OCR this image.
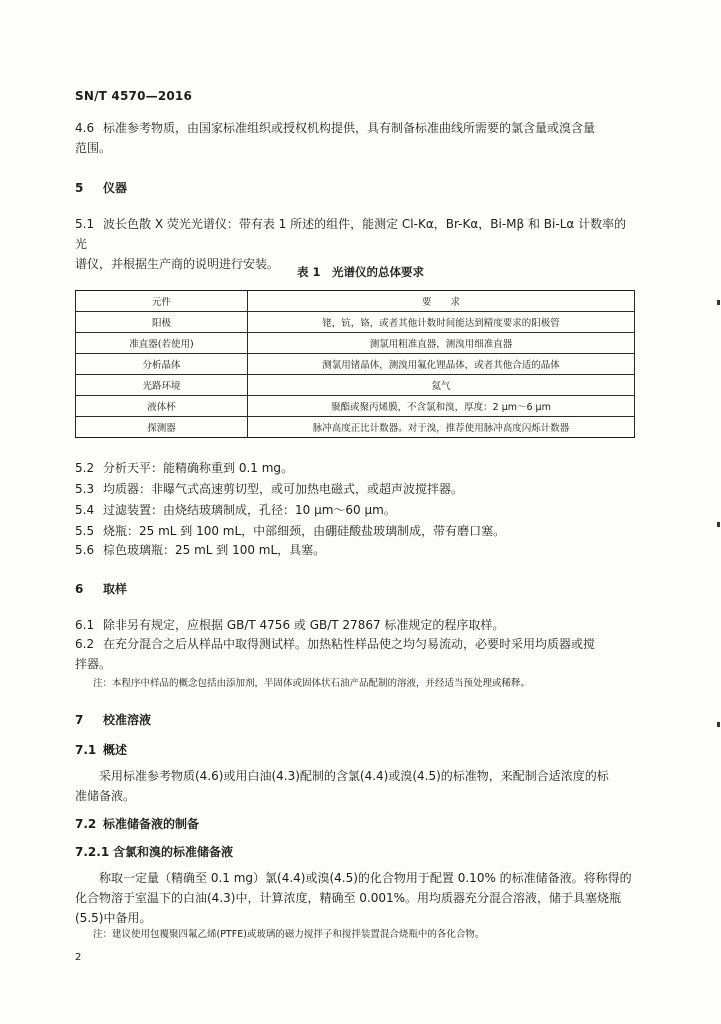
SN/T 4570—2016
4.6 标准参考物质，由国家标准组织或授权机构提供，具有制备标准曲线所需要的氯含量或溴含量
范围。
5 仪器
5.1 波长色散 X 荧光光谱仪：带有表 1 所述的组件，能测定 Cl-Kα，Br-Kα，Bi-Mβ 和 Bi-Lα 计数率的光
谱仪，并根据生产商的说明进行安装。
表 1　光谱仪的总体要求
元件	要　　求
阳极	铑，钪，铬，或者其他计数时间能达到精度要求的阳极管
准直器(若使用)	测氯用粗准直器，测溴用细准直器
分析晶体	测氯用锗晶体，测溴用氟化锂晶体，或者其他合适的晶体
光路环境	氦气
液体杯	聚酯或聚丙烯膜，不含氯和溴，厚度：2 μm～6 μm
探测器	脉冲高度正比计数器。对于溴，推荐使用脉冲高度闪烁计数器
5.2 分析天平：能精确称重到 0.1 mg。
5.3 均质器：非曝气式高速剪切型，或可加热电磁式，或超声波搅拌器。
5.4 过滤装置：由烧结玻璃制成，孔径：10 μm～60 μm。
5.5 烧瓶：25 mL 到 100 mL，中部细颈，由硼硅酸盐玻璃制成，带有磨口塞。
5.6 棕色玻璃瓶：25 mL 到 100 mL，具塞。
6 取样
6.1 除非另有规定，应根据 GB/T 4756 或 GB/T 27867 标准规定的程序取样。
6.2 在充分混合之后从样品中取得测试样。加热粘性样品使之均匀易流动，必要时采用均质器或搅
拌器。
注：本程序中样品的概念包括由添加剂，半固体或固体状石油产品配制的溶液，并经适当预处理或稀释。
7 校准溶液
7.1 概述
采用标准参考物质(4.6)或用白油(4.3)配制的含氯(4.4)或溴(4.5)的标准物，来配制合适浓度的标
准储备液。
7.2 标准储备液的制备
7.2.1 含氯和溴的标准储备液
称取一定量（精确至 0.1 mg）氯(4.4)或溴(4.5)的化合物用于配置 0.10% 的标准储备液。将称得的
化合物溶于室温下的白油(4.3)中，计算浓度，精确至 0.001%。用均质器充分混合溶液，储于具塞烧瓶
(5.5)中备用。
注：建议使用包覆聚四氟乙烯(PTFE)或玻璃的磁力搅拌子和搅拌装置混合烧瓶中的各化合物。
2
